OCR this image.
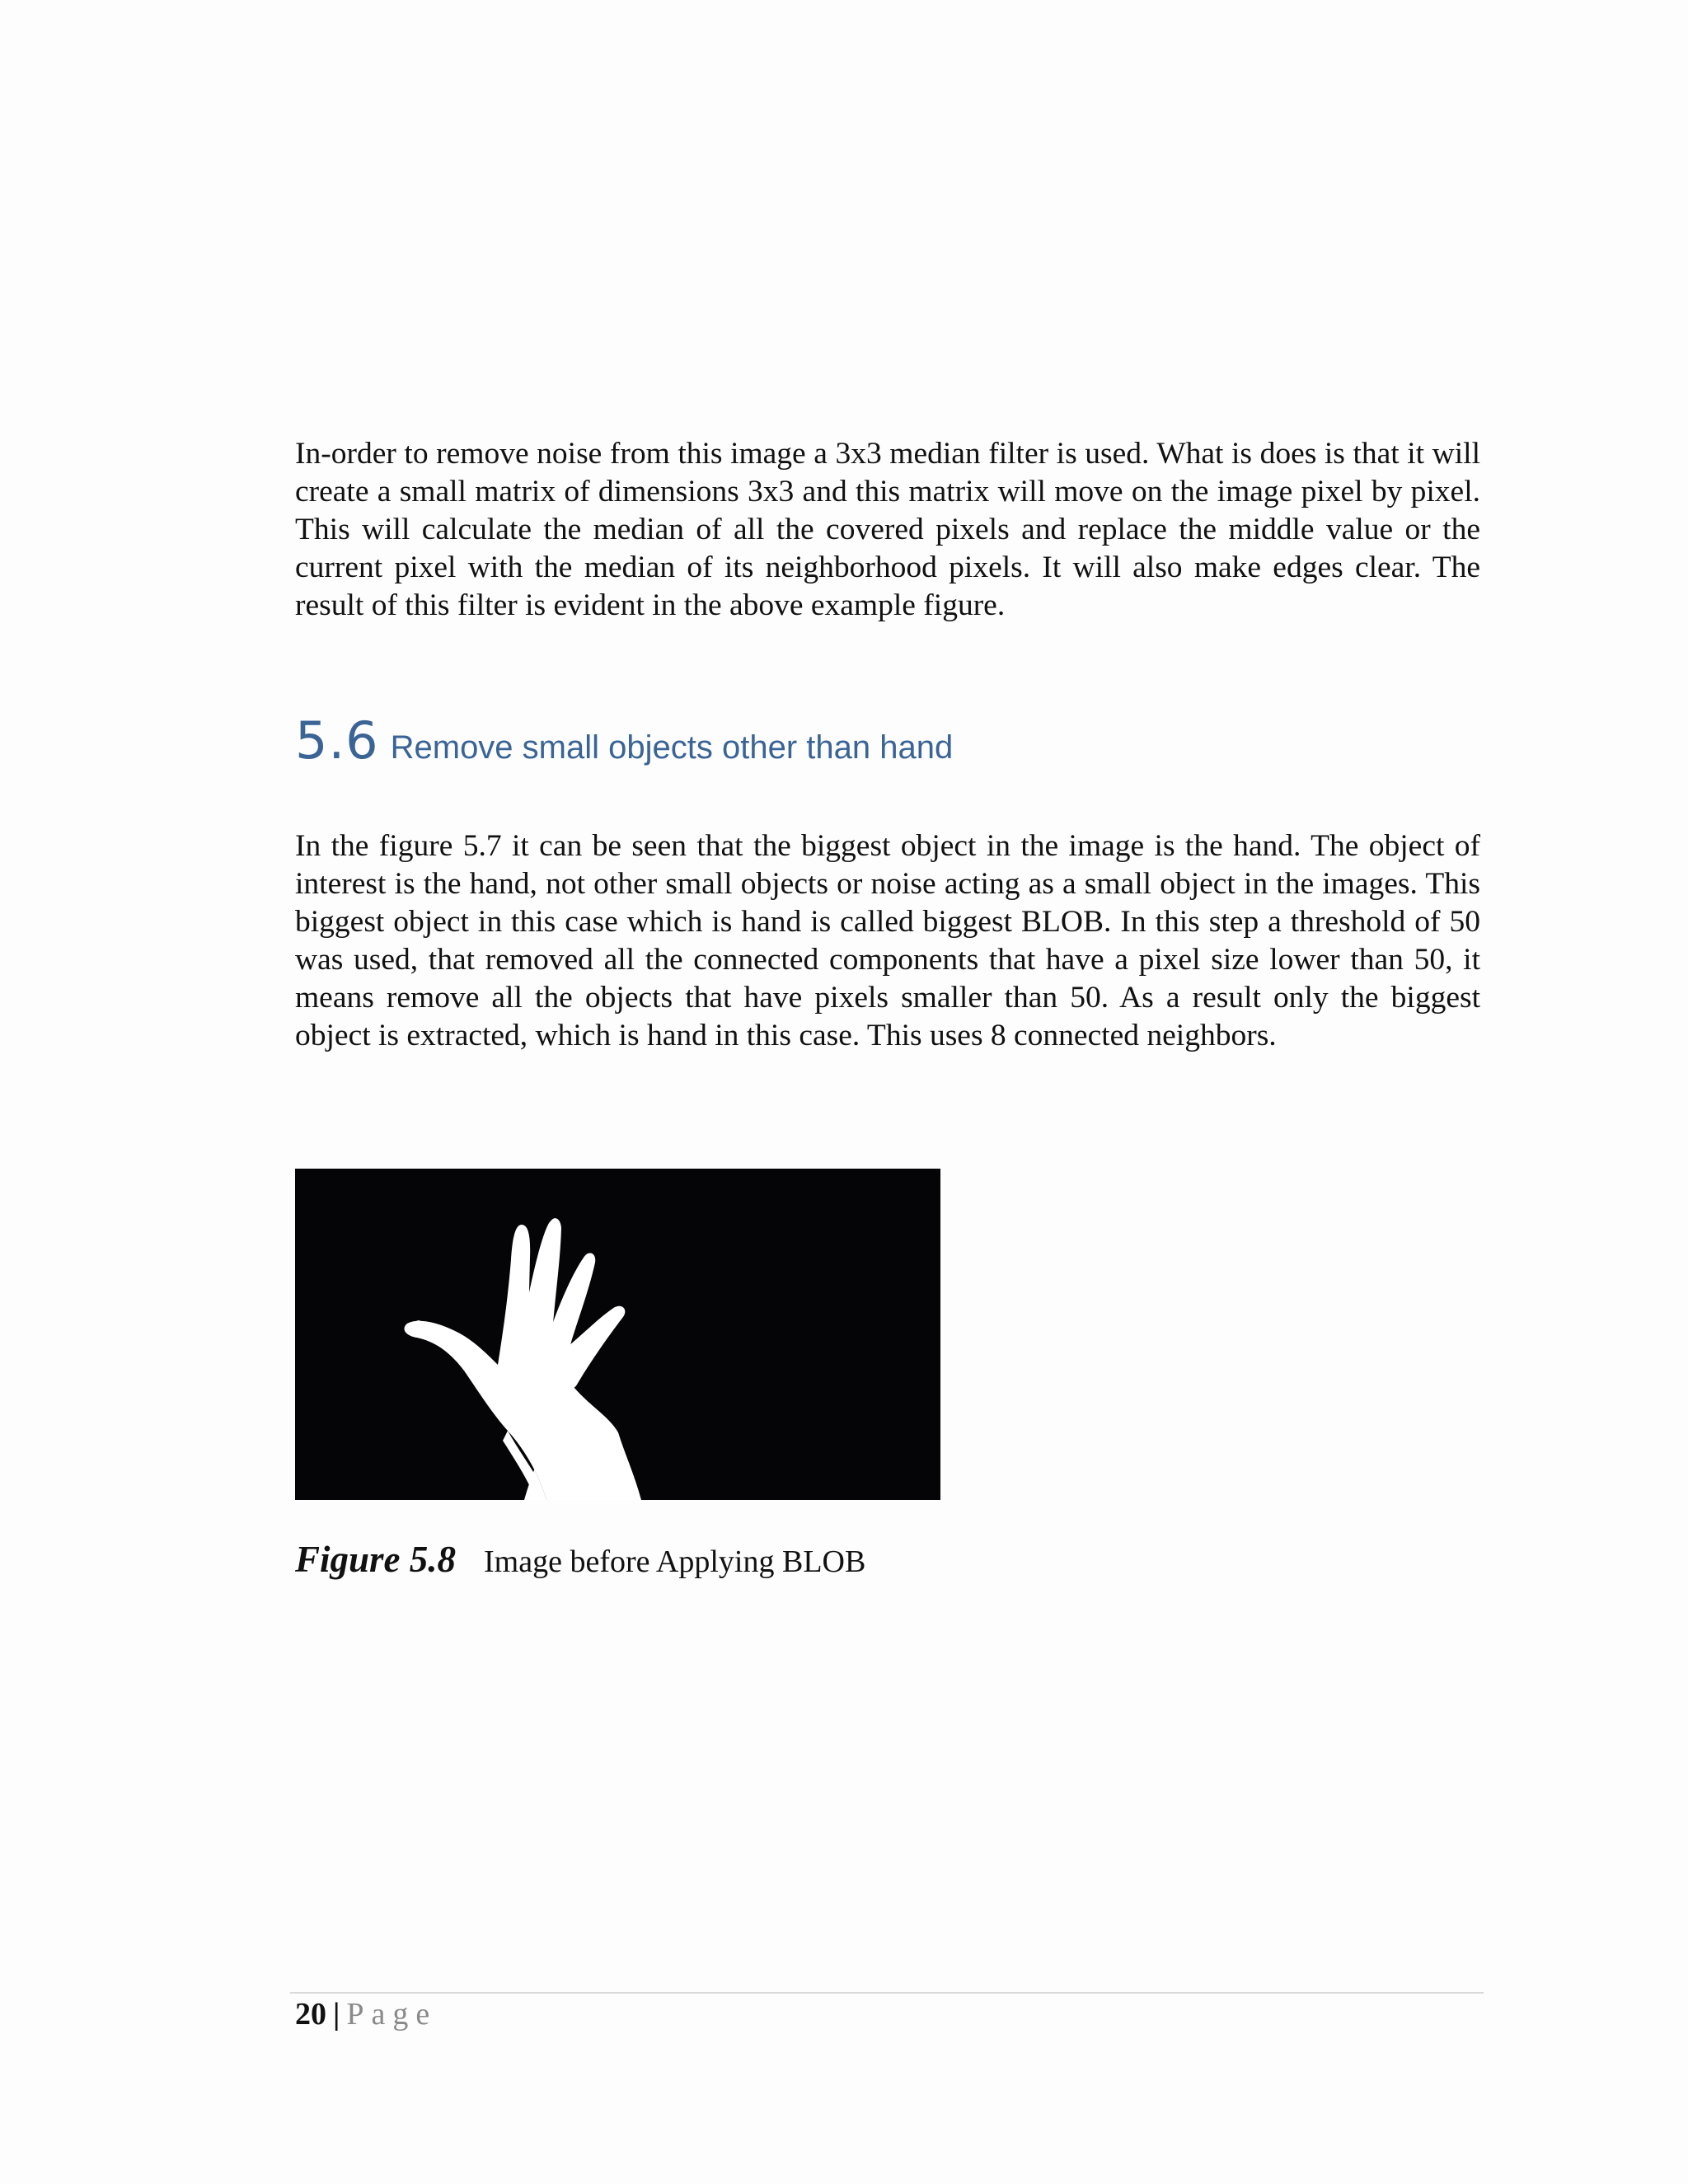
In-order to remove noise from this image a 3x3 median filter is used. What is does is that it will create a small matrix of dimensions 3x3 and this matrix will move on the image pixel by pixel. This will calculate the median of all the covered pixels and replace the middle value or the current pixel with the median of its neighborhood pixels. It will also make edges clear. The result of this filter is evident in the above example figure.

5.6 Remove small objects other than hand

In the figure 5.7 it can be seen that the biggest object in the image is the hand. The object of interest is the hand, not other small objects or noise acting as a small object in the images. This biggest object in this case which is hand is called biggest BLOB. In this step a threshold of 50 was used, that removed all the connected components that have a pixel size lower than 50, it means remove all the objects that have pixels smaller than 50. As a result only the biggest object is extracted, which is hand in this case. This uses 8 connected neighbors.

Figure 5.8 Image before Applying BLOB
20 | Page
